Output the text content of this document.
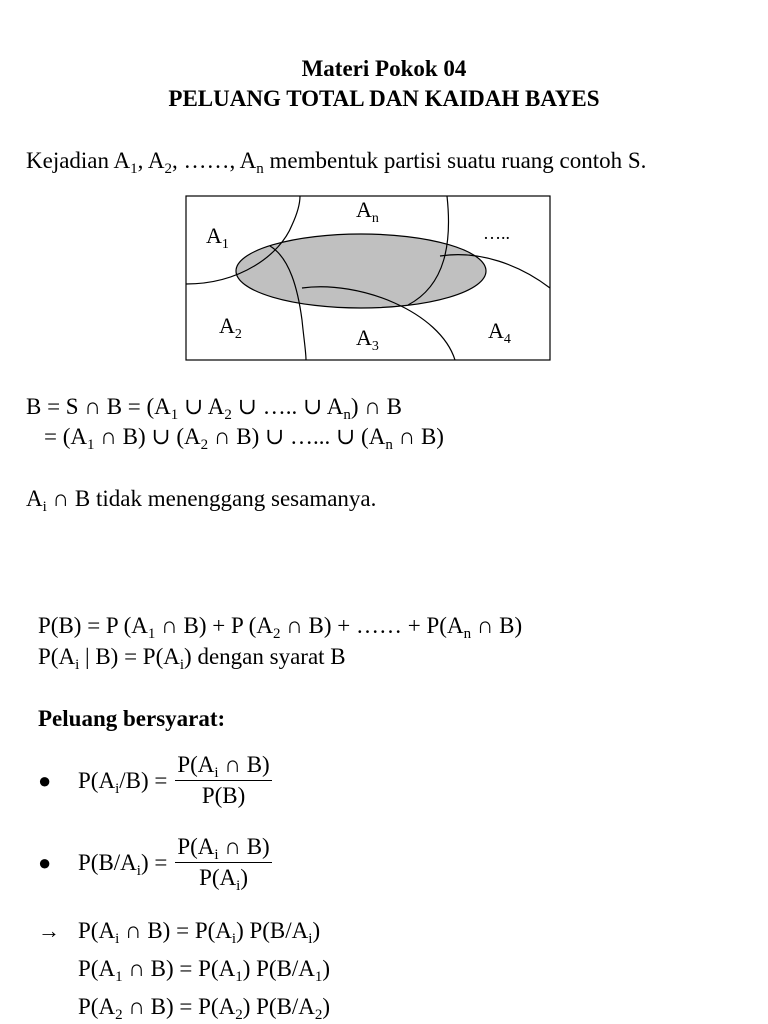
Materi Pokok 04
PELUANG TOTAL DAN KAIDAH BAYES
Kejadian $A_1$, $A_2$, ……, $A_n$ membentuk partisi suatu ruang contoh S.
$A_1$
$A_n$
…..
$A_2$	$A_3$
$A_4$
B = S ∩ $B = (A_1$ ∪ $A_2$ ∪ ….. ∪ $A_n$) ∩ B
= ($A_1$ ∩ B) ∪ ($A_2$ ∩ B) ∪ …... ∪ ($A_n$ ∩ B)
$A_i$ ∩ B tidak menenggang sesamanya.
P(B) = P ($A_1$ ∩ B) + P ($A_2$ ∩ B) + …… + $P(A_n$ ∩ B)
$P(A_i$ | $B) = P(A_i)$ dengan syarat B
Peluang bersyarat:
●	$P(A_i/B) = \frac{P(A_i \cap B)}{P(B)}$
●	$P(B/A_i) = \frac{P(A_i \cap B)}{P(A_i)}$
→ $P(A_i$ ∩ $B) = P(A_i)$ $P(B/A_i)$
$P(A_1$ ∩ $B) = P(A_1)$ $P(B/A_1)$
$P(A_2$ ∩ $B) = P(A_2)$ $P(B/A_2)$
